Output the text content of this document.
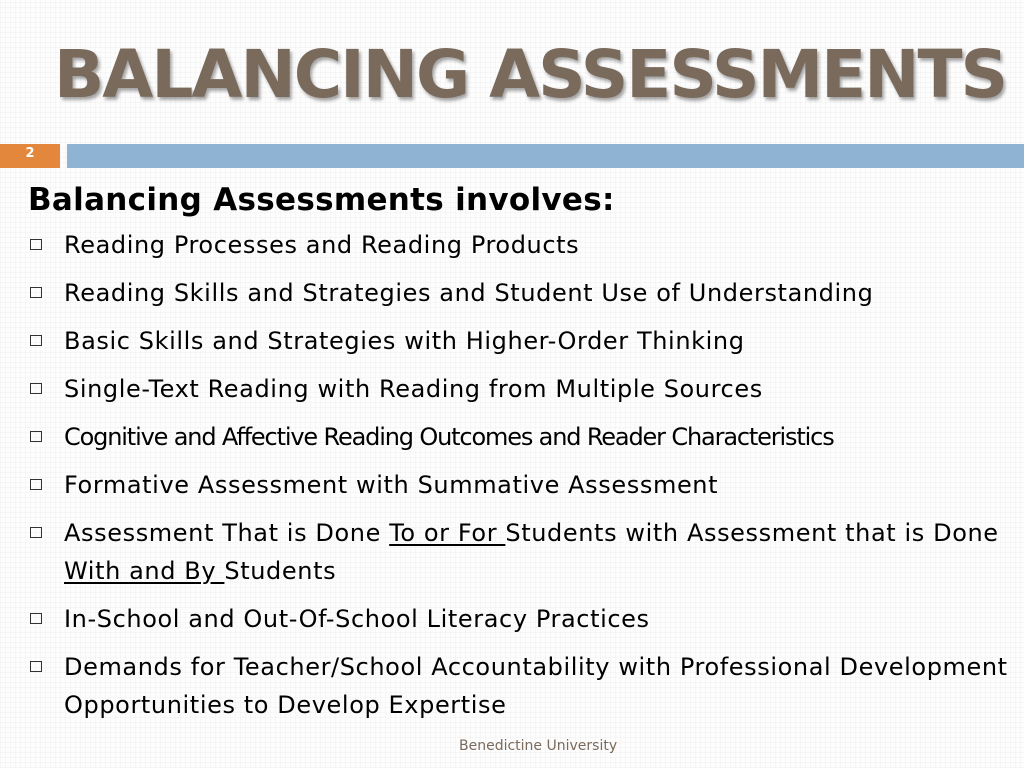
BALANCING ASSESSMENTS
2
Balancing Assessments involves:
Reading Processes and Reading Products
Reading Skills and Strategies and Student Use of Understanding
Basic Skills and Strategies with Higher-Order Thinking
Single-Text Reading with Reading from Multiple Sources
Cognitive and Affective Reading Outcomes and Reader Characteristics
Formative Assessment with Summative Assessment
Assessment That is Done To or For Students with Assessment that is Done With and By Students
In-School and Out-Of-School Literacy Practices
Demands for Teacher/School Accountability with Professional Development Opportunities to Develop Expertise
Benedictine University
